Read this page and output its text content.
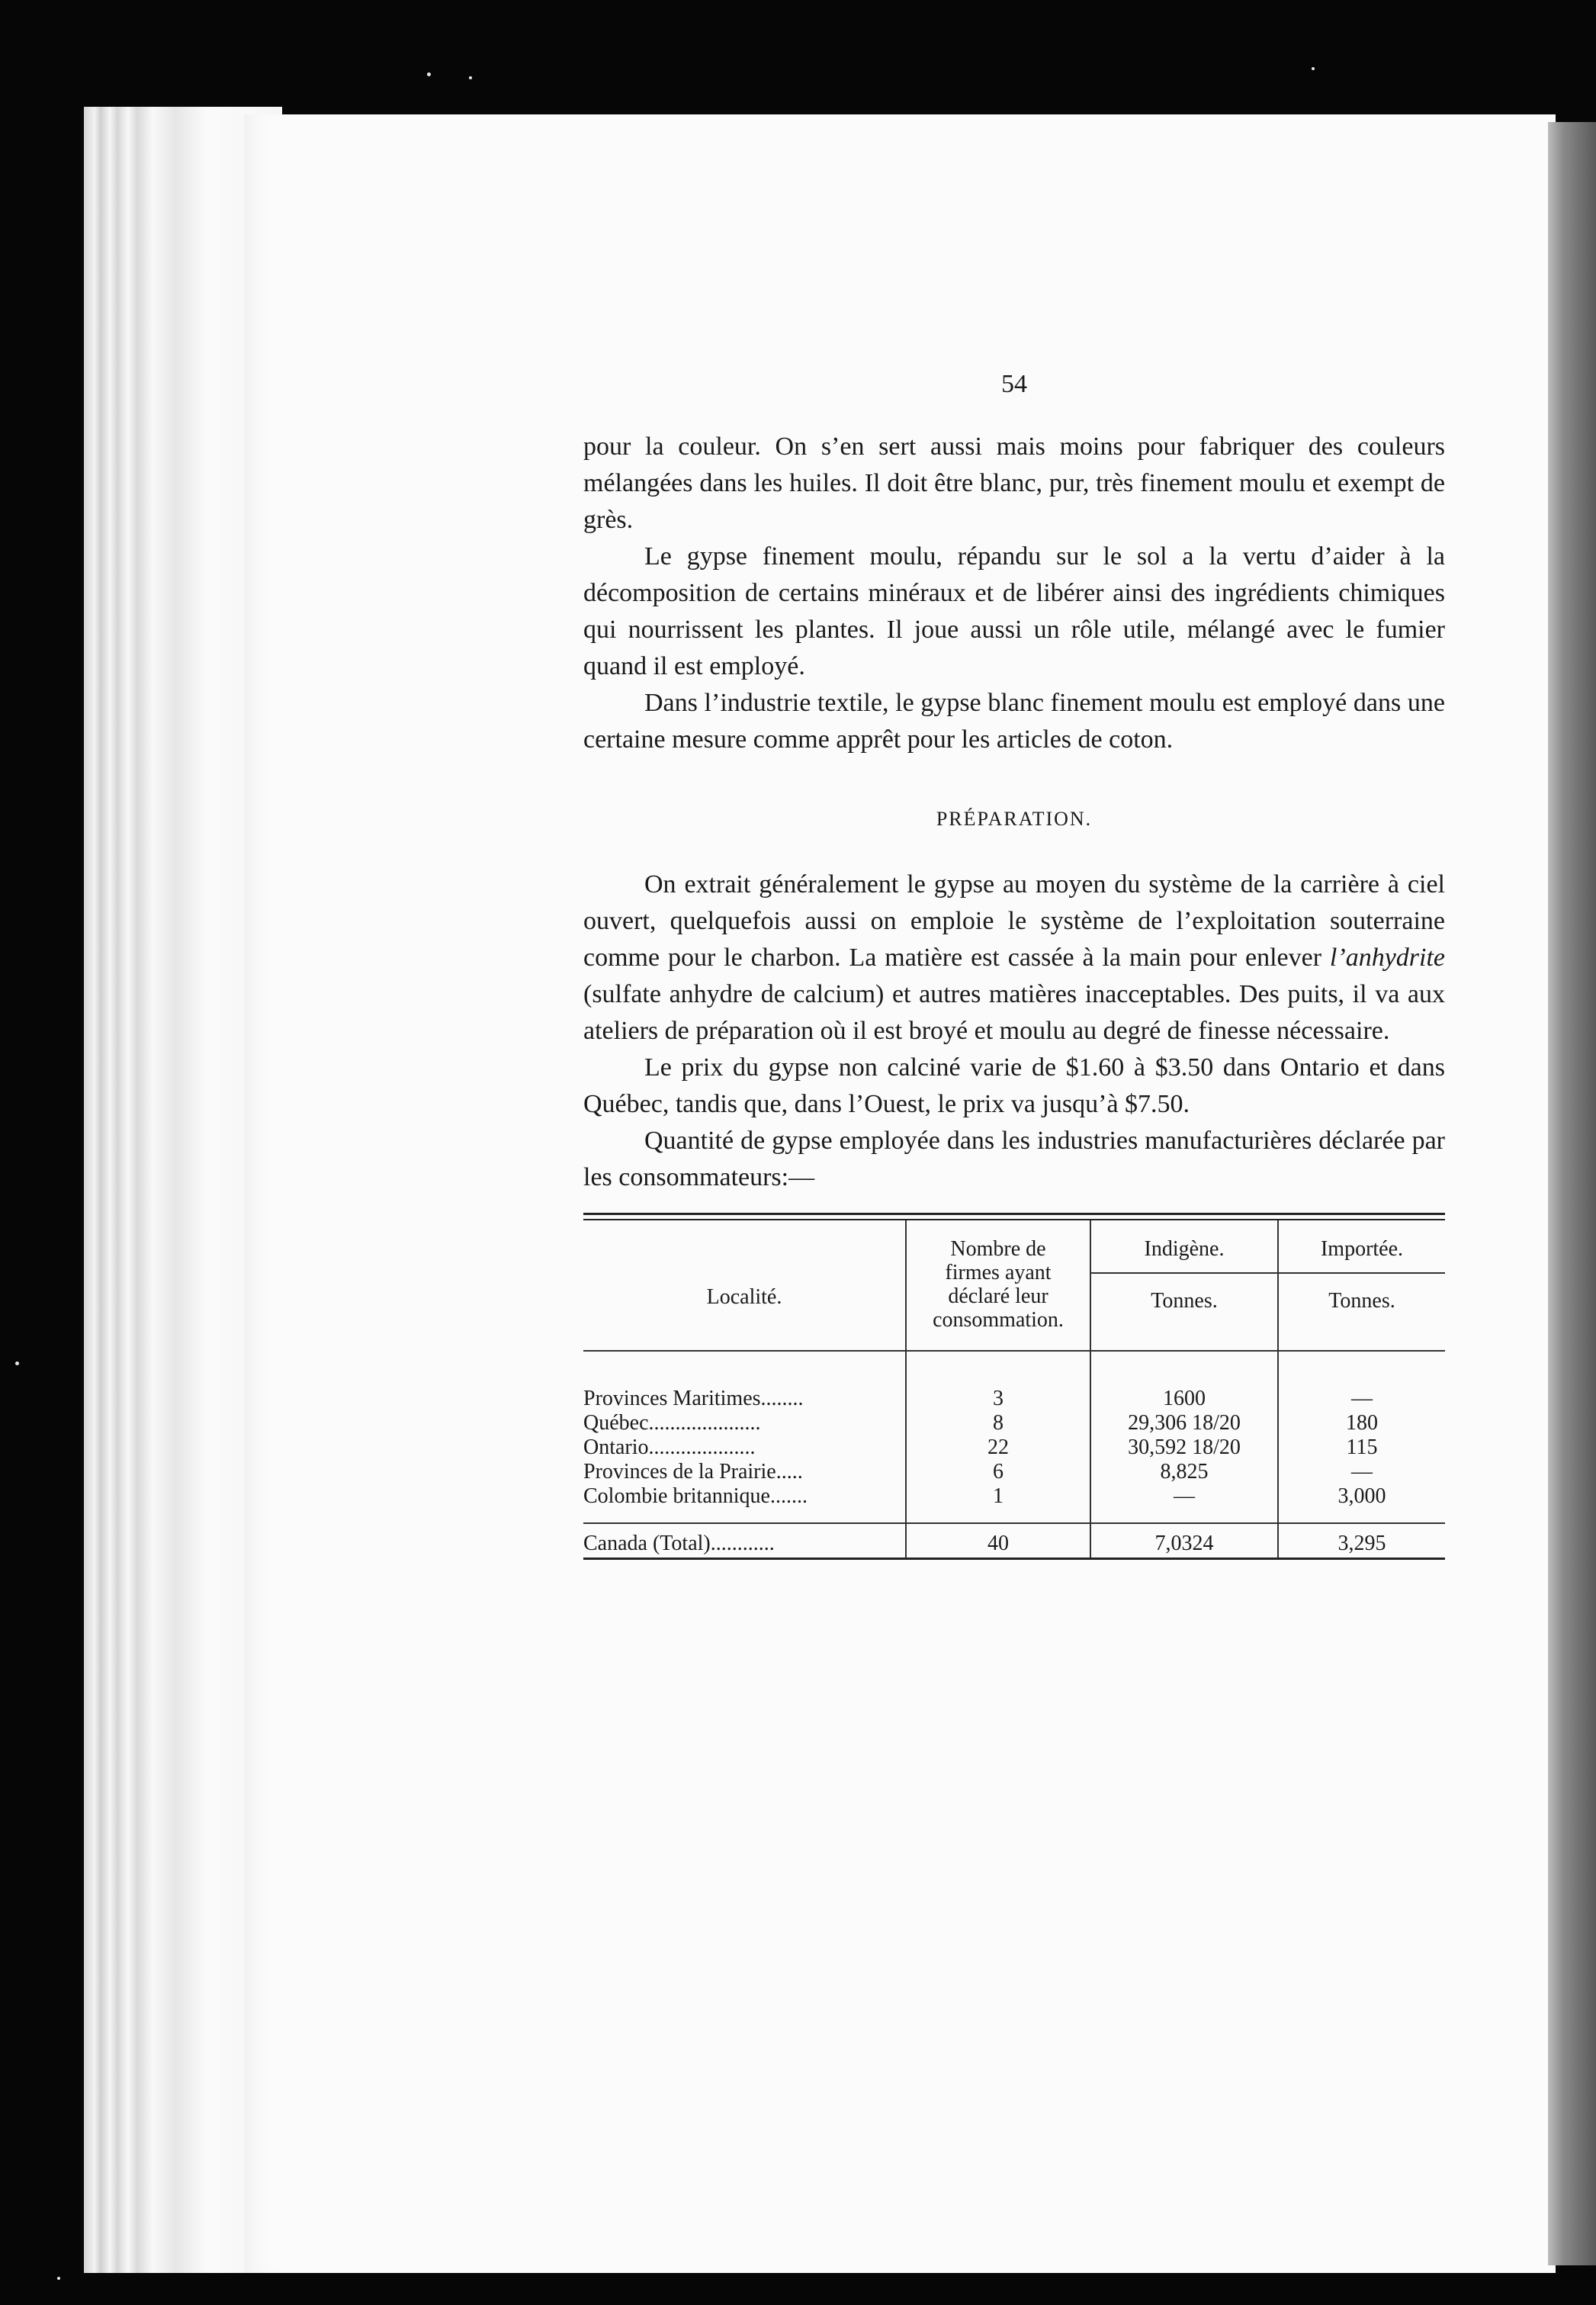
54

pour la couleur. On s’en sert aussi mais moins pour fabriquer des couleurs mélangées dans les huiles. Il doit être blanc, pur, très finement moulu et exempt de grès.

Le gypse finement moulu, répandu sur le sol a la vertu d’aider à la décomposition de certains minéraux et de libérer ainsi des ingrédients chimiques qui nourrissent les plantes. Il joue aussi un rôle utile, mélangé avec le fumier quand il est employé.

Dans l’industrie textile, le gypse blanc finement moulu est employé dans une certaine mesure comme apprêt pour les articles de coton.

PRÉPARATION.

On extrait généralement le gypse au moyen du système de la carrière à ciel ouvert, quelquefois aussi on emploie le système de l’exploitation souterraine comme pour le charbon. La matière est cassée à la main pour enlever l’anhydrite (sulfate anhydre de calcium) et autres matières inacceptables. Des puits, il va aux ateliers de préparation où il est broyé et moulu au degré de finesse nécessaire.

Le prix du gypse non calciné varie de $1.60 à $3.50 dans Ontario et dans Québec, tandis que, dans l’Ouest, le prix va jusqu’à $7.50.

Quantité de gypse employée dans les industries manufacturières déclarée par les consommateurs:—

Localité.
Nombre de firmes ayant déclaré leur consommation.
Indigène.	Importée.
Tonnes.	Tonnes.
Provinces Maritimes........	3	1600	—
Québec.....................	8	29,306 18/20	180
Ontario....................	22	30,592 18/20	115
Provinces de la Prairie.....	6	8,825	—
Colombie britannique.......	1	—	3,000
Canada (Total)............	40	7,0324	3,295
